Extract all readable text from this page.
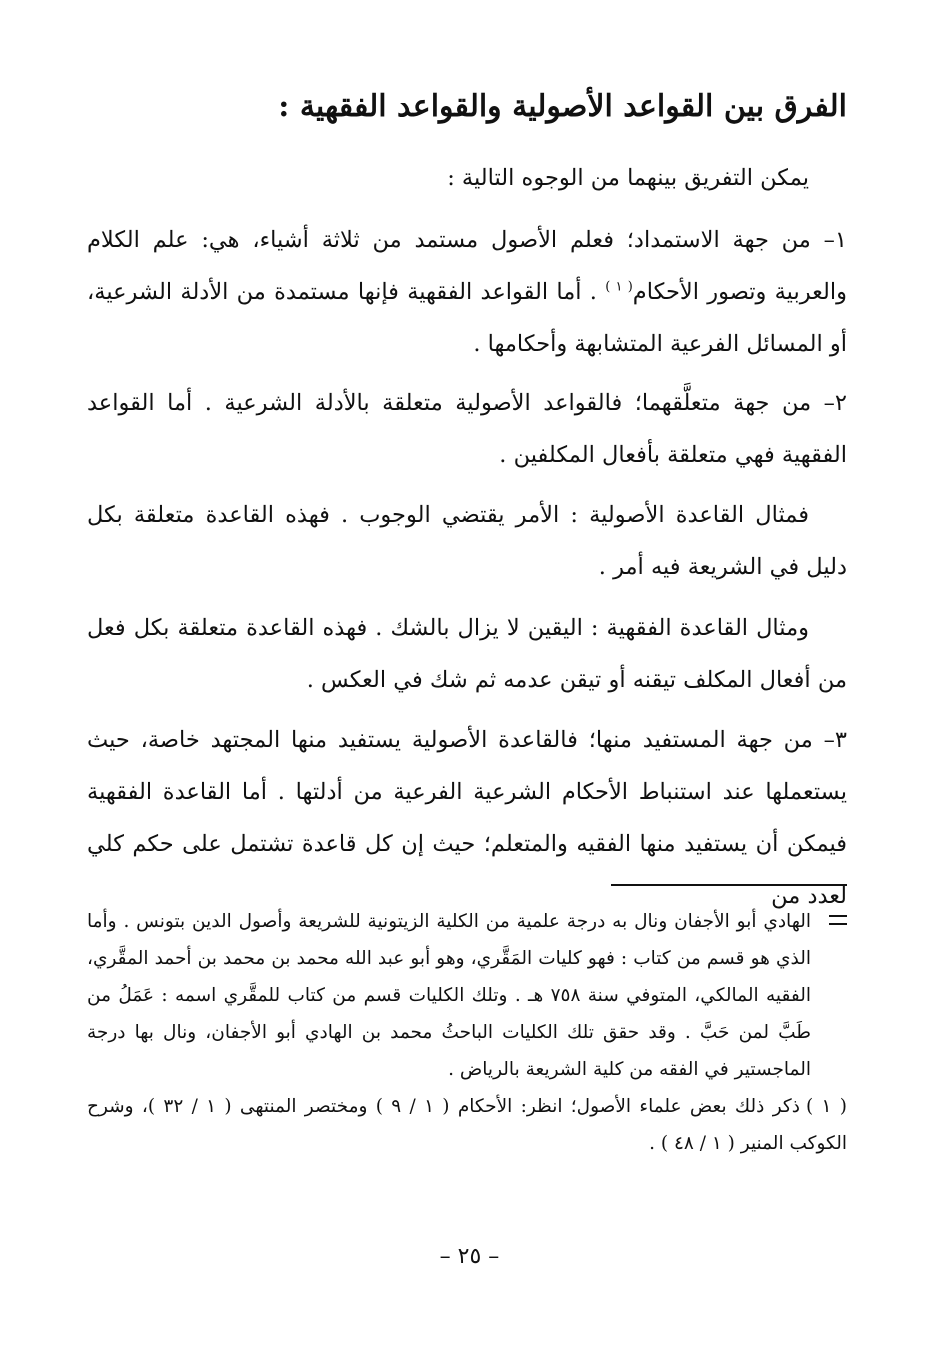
الفرق بين القواعد الأصولية والقواعد الفقهية :

يمكن التفريق بينهما من الوجوه التالية :

١– من جهة الاستمداد؛ فعلم الأصول مستمد من ثلاثة أشياء، هي: علم الكلام والعربية وتصور الأحكام$^{( ١ )}$ . أما القواعد الفقهية فإنها مستمدة من الأدلة الشرعية، أو المسائل الفرعية المتشابهة وأحكامها .

٢– من جهة متعلَّقهما؛ فالقواعد الأصولية متعلقة بالأدلة الشرعية . أما القواعد الفقهية فهي متعلقة بأفعال المكلفين .

فمثال القاعدة الأصولية : الأمر يقتضي الوجوب . فهذه القاعدة متعلقة بكل دليل في الشريعة فيه أمر .

ومثال القاعدة الفقهية : اليقين لا يزال بالشك . فهذه القاعدة متعلقة بكل فعل من أفعال المكلف تيقنه أو تيقن عدمه ثم شك في العكس .

٣– من جهة المستفيد منها؛ فالقاعدة الأصولية يستفيد منها المجتهد خاصة، حيث يستعملها عند استنباط الأحكام الشرعية الفرعية من أدلتها . أما القاعدة الفقهية فيمكن أن يستفيد منها الفقيه والمتعلم؛ حيث إن كل قاعدة تشتمل على حكم كلي لعدد من

الهادي أبو الأجفان ونال به درجة علمية من الكلية الزيتونية للشريعة وأصول الدين بتونس . وأما الذي هو قسم من كتاب : فهو كليات المَقَّري، وهو أبو عبد الله محمد بن محمد بن أحمد المقَّري، الفقيه المالكي، المتوفي سنة ٧٥٨ هـ . وتلك الكليات قسم من كتاب للمقَّري اسمه : عَمَلُ من طَبَّ لمن حَبَّ . وقد حقق تلك الكليات الباحثُ محمد بن الهادي أبو الأجفان، ونال بها درجة الماجستير في الفقه من كلية الشريعة بالرياض .

( ١ )ذكر ذلك بعض علماء الأصول؛ انظر: الأحكام ( ١ / ٩ ) ومختصر المنتهى ( ١ / ٣٢ )، وشرح الكوكب المنير ( ١ / ٤٨ ) .

– ٢٥ –
